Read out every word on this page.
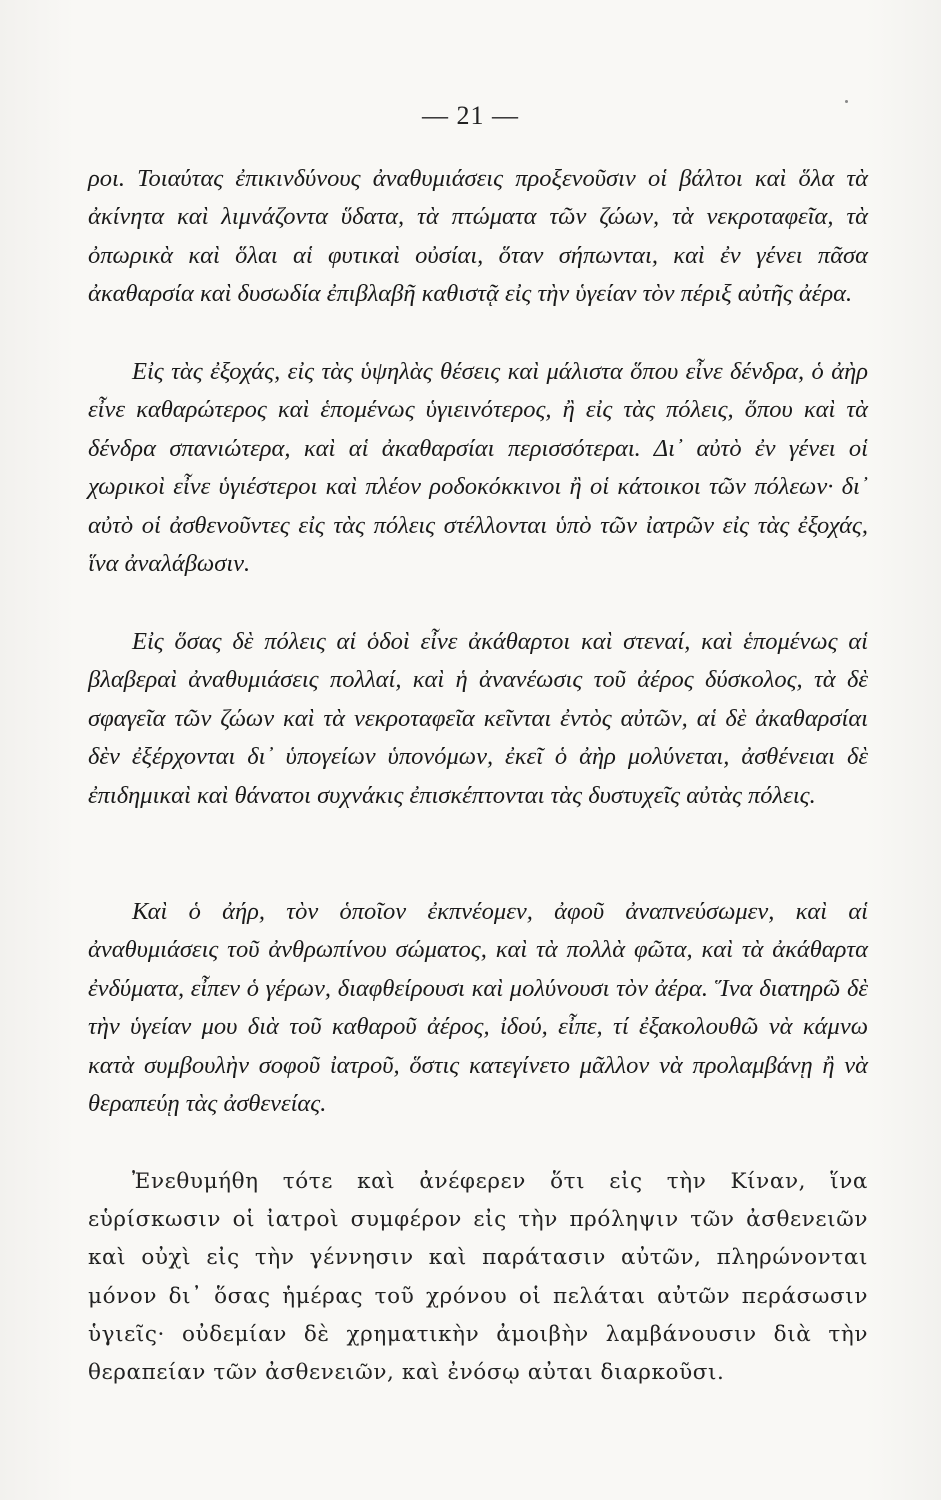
— 21 —

ροι. Τοιαύτας ἐπικινδύνους ἀναθυμιάσεις προξενοῦσιν οἱ βάλτοι καὶ ὅλα τὰ ἀκίνητα καὶ λιμνάζοντα ὕδατα, τὰ πτώματα τῶν ζώων, τὰ νεκροταφεῖα, τὰ ὀπωρικὰ καὶ ὅλαι αἱ φυτικαὶ οὐσίαι, ὅταν σήπωνται, καὶ ἐν γένει πᾶσα ἀκαθαρσία καὶ δυσωδία ἐπιβλαβῆ καθιστᾷ εἰς τὴν ὑγείαν τὸν πέριξ αὐτῆς ἀέρα.

Εἰς τὰς ἐξοχάς, εἰς τὰς ὑψηλὰς θέσεις καὶ μάλιστα ὅπου εἶνε δένδρα, ὁ ἀὴρ εἶνε καθαρώτερος καὶ ἑπομένως ὑγιεινότερος, ἢ εἰς τὰς πόλεις, ὅπου καὶ τὰ δένδρα σπανιώτερα, καὶ αἱ ἀκαθαρσίαι περισσότεραι. Δι᾽ αὐτὸ ἐν γένει οἱ χωρικοὶ εἶνε ὑγιέστεροι καὶ πλέον ροδοκόκκινοι ἢ οἱ κάτοικοι τῶν πόλεων· δι᾽ αὐτὸ οἱ ἀσθενοῦντες εἰς τὰς πόλεις στέλλονται ὑπὸ τῶν ἰατρῶν εἰς τὰς ἐξοχάς, ἵνα ἀναλάβωσιν.

Εἰς ὅσας δὲ πόλεις αἱ ὁδοὶ εἶνε ἀκάθαρτοι καὶ στεναί, καὶ ἑπομένως αἱ βλαβεραὶ ἀναθυμιάσεις πολλαί, καὶ ἡ ἀνανέωσις τοῦ ἀέρος δύσκολος, τὰ δὲ σφαγεῖα τῶν ζώων καὶ τὰ νεκροταφεῖα κεῖνται ἐντὸς αὐτῶν, αἱ δὲ ἀκαθαρσίαι δὲν ἐξέρχονται δι᾽ ὑπογείων ὑπονόμων, ἐκεῖ ὁ ἀὴρ μολύνεται, ἀσθένειαι δὲ ἐπιδημικαὶ καὶ θάνατοι συχνάκις ἐπισκέπτονται τὰς δυστυχεῖς αὐτὰς πόλεις.

Καὶ ὁ ἀήρ, τὸν ὁποῖον ἐκπνέομεν, ἀφοῦ ἀναπνεύσωμεν, καὶ αἱ ἀναθυμιάσεις τοῦ ἀνθρωπίνου σώματος, καὶ τὰ πολλὰ φῶτα, καὶ τὰ ἀκάθαρτα ἐνδύματα, εἶπεν ὁ γέρων, διαφθείρουσι καὶ μολύνουσι τὸν ἀέρα. Ἵνα διατηρῶ δὲ τὴν ὑγείαν μου διὰ τοῦ καθαροῦ ἀέρος, ἰδού, εἶπε, τί ἐξακολουθῶ νὰ κάμνω κατὰ συμβουλὴν σοφοῦ ἰατροῦ, ὅστις κατεγίνετο μᾶλλον νὰ προλαμβάνῃ ἢ νὰ θεραπεύῃ τὰς ἀσθενείας.

Ἐνεθυμήθη τότε καὶ ἀνέφερεν ὅτι εἰς τὴν Κίναν, ἵνα εὑρίσκωσιν οἱ ἰατροὶ συμφέρον εἰς τὴν πρόληψιν τῶν ἀσθενειῶν καὶ οὐχὶ εἰς τὴν γέννησιν καὶ παράτασιν αὐτῶν, πληρώνονται μόνον δι᾽ ὅσας ἡμέρας τοῦ χρόνου οἱ πελάται αὐτῶν περάσωσιν ὑγιεῖς· οὐδεμίαν δὲ χρηματικὴν ἀμοιβὴν λαμβάνουσιν διὰ τὴν θεραπείαν τῶν ἀσθενειῶν, καὶ ἐνόσῳ αὐται διαρκοῦσι.
